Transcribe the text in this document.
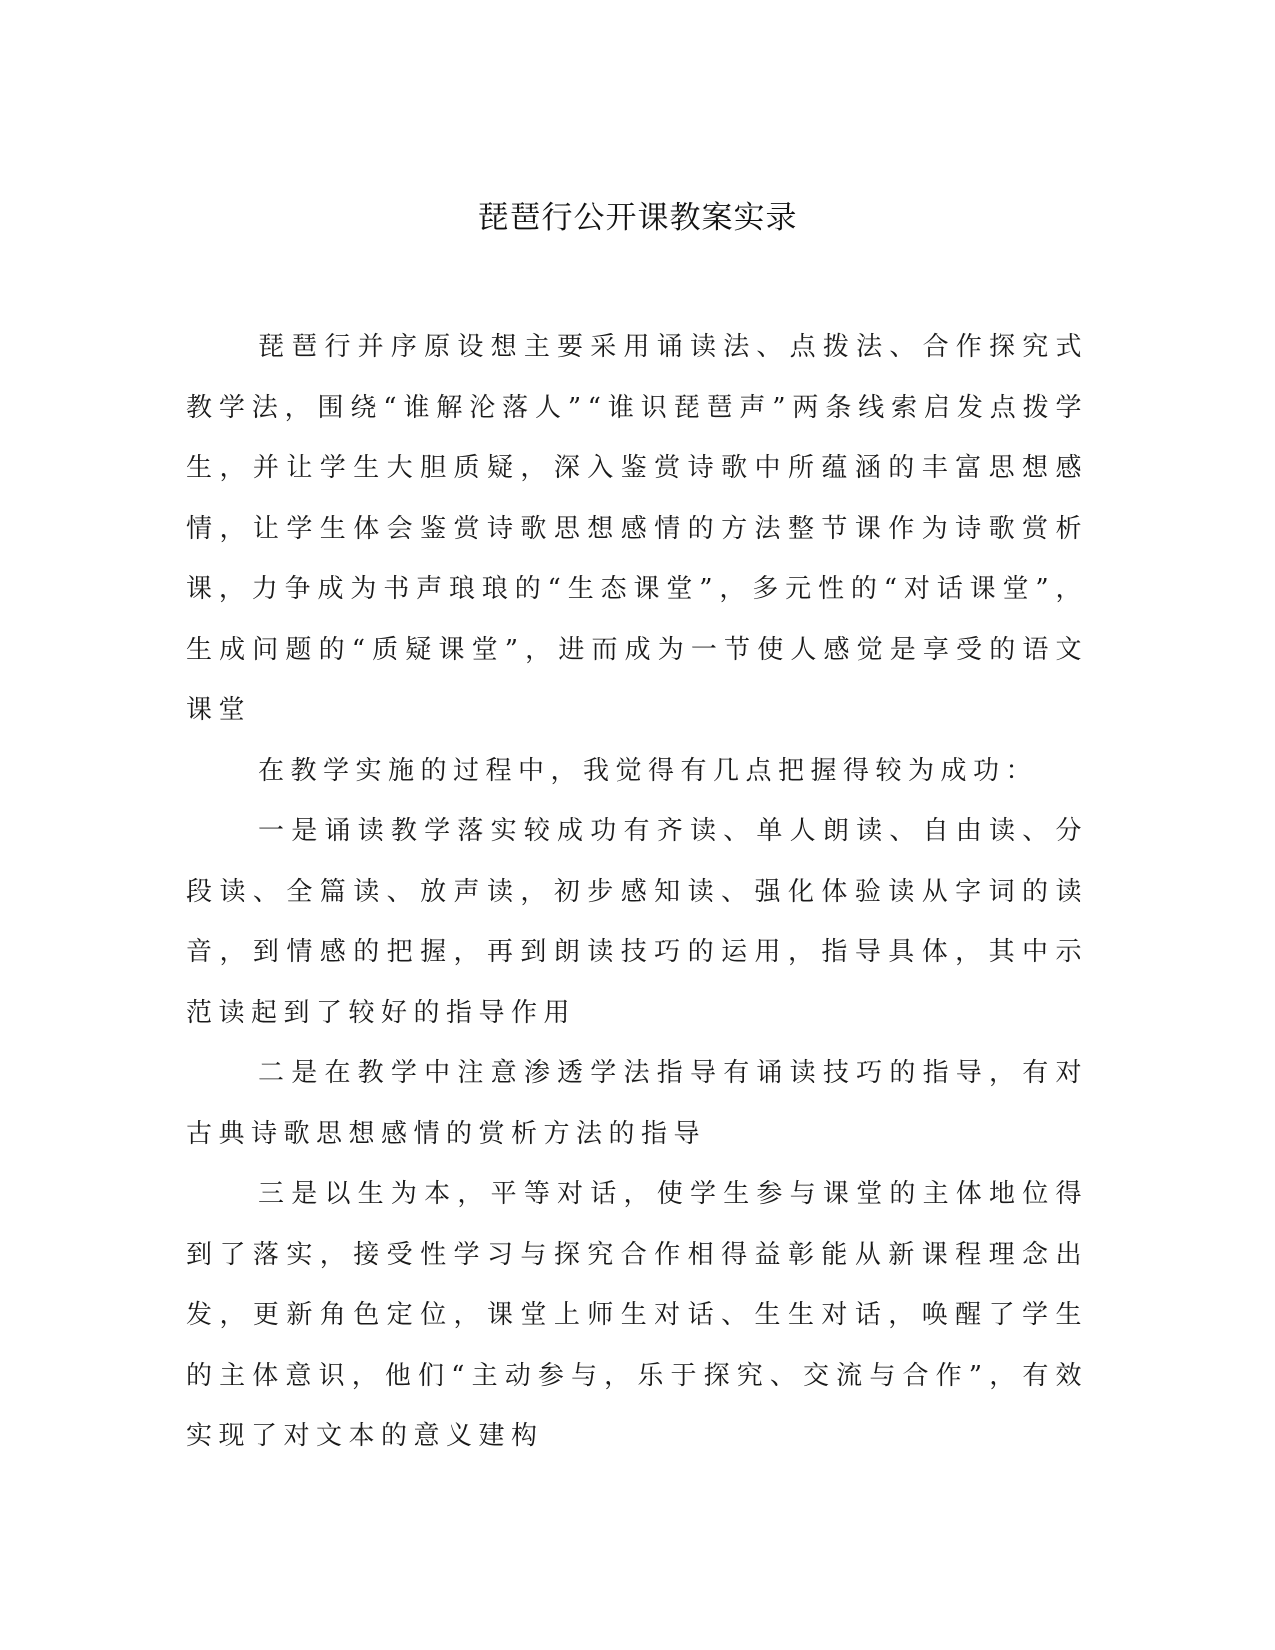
琵琶行公开课教案实录

琵琶行并序原设想主要采用诵读法、点拨法、合作探究式教学法，围绕“谁解沦落人”“谁识琵琶声”两条线索启发点拨学生，并让学生大胆质疑，深入鉴赏诗歌中所蕴涵的丰富思想感情，让学生体会鉴赏诗歌思想感情的方法整节课作为诗歌赏析课，力争成为书声琅琅的“生态课堂”，多元性的“对话课堂”，生成问题的“质疑课堂”，进而成为一节使人感觉是享受的语文课堂

在教学实施的过程中，我觉得有几点把握得较为成功：

一是诵读教学落实较成功有齐读、单人朗读、自由读、分段读、全篇读、放声读，初步感知读、强化体验读从字词的读音，到情感的把握，再到朗读技巧的运用，指导具体，其中示范读起到了较好的指导作用

二是在教学中注意渗透学法指导有诵读技巧的指导，有对古典诗歌思想感情的赏析方法的指导

三是以生为本，平等对话，使学生参与课堂的主体地位得到了落实，接受性学习与探究合作相得益彰能从新课程理念出发，更新角色定位，课堂上师生对话、生生对话，唤醒了学生的主体意识，他们“主动参与，乐于探究、交流与合作”，有效实现了对文本的意义建构
